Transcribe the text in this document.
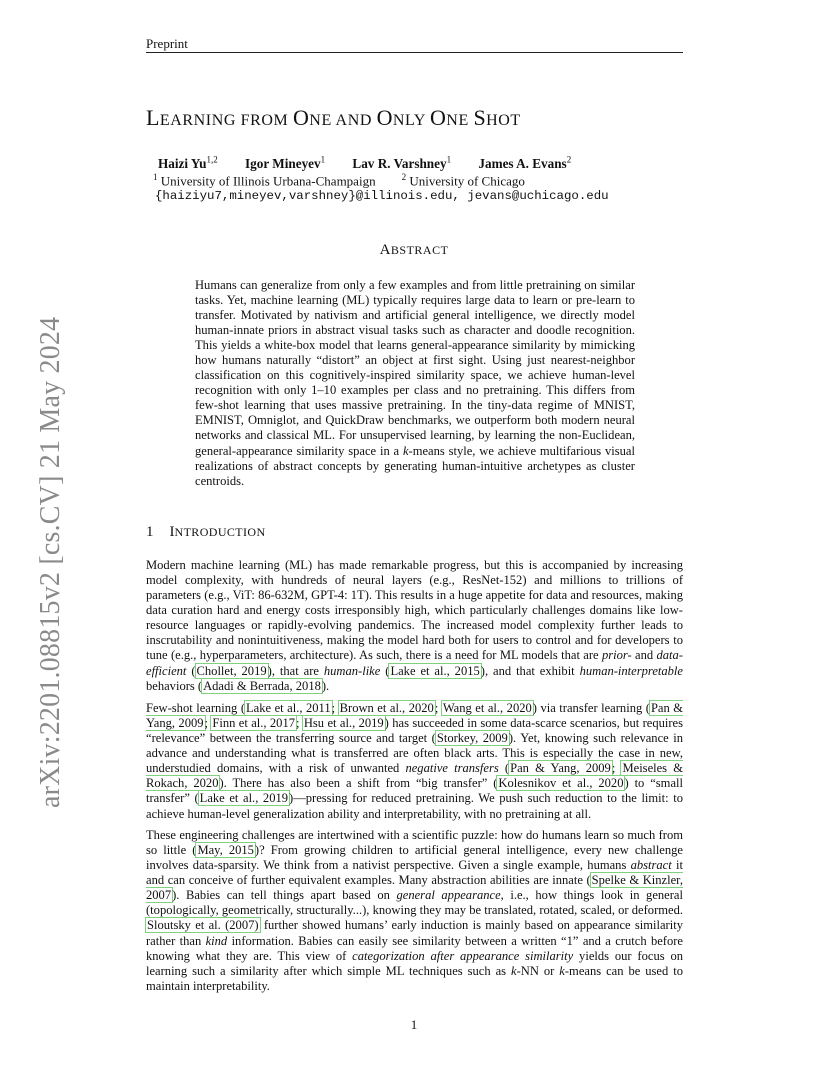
Preprint
arXiv:2201.08815v2 [cs.CV] 21 May 2024
LEARNING FROM ONE AND ONLY ONE SHOT
Haizi Yu$^{1,2}$ Igor Mineyev$^1$ Lav R. Varshney$^1$ James A. Evans$^2$
$^1$ University of Illinois Urbana-Champaign	$^2$ University of Chicago
{haiziyu7,mineyev,varshney}@illinois.edu, jevans@uchicago.edu
ABSTRACT
Humans can generalize from only a few examples and from little pretraining on similar tasks. Yet, machine learning (ML) typically requires large data to learn or pre-learn to transfer. Motivated by nativism and artificial general intelligence, we directly model human-innate priors in abstract visual tasks such as character and doodle recognition. This yields a white-box model that learns general-appearance similarity by mimicking how humans naturally “distort” an object at first sight. Using just nearest-neighbor classification on this cognitively-inspired similarity space, we achieve human-level recognition with only 1–10 examples per class and no pretraining. This differs from few-shot learning that uses massive pretraining. In the tiny-data regime of MNIST, EMNIST, Omniglot, and QuickDraw benchmarks, we outperform both modern neural networks and classical ML. For unsupervised learning, by learning the non-Euclidean, general-appearance similarity space in a k-means style, we achieve multifarious visual realizations of abstract concepts by generating human-intuitive archetypes as cluster centroids.
1 INTRODUCTION
Modern machine learning (ML) has made remarkable progress, but this is accompanied by increasing model complexity, with hundreds of neural layers (e.g., ResNet-152) and millions to trillions of parameters (e.g., ViT: 86-632M, GPT-4: 1T). This results in a huge appetite for data and resources, making data curation hard and energy costs irresponsibly high, which particularly challenges domains like low-resource languages or rapidly-evolving pandemics. The increased model complexity further leads to inscrutability and nonintuitiveness, making the model hard both for users to control and for developers to tune (e.g., hyperparameters, architecture). As such, there is a need for ML models that are prior- and data-efficient (Chollet, 2019), that are human-like (Lake et al., 2015), and that exhibit human-interpretable behaviors (Adadi & Berrada, 2018).
Few-shot learning (Lake et al., 2011; Brown et al., 2020; Wang et al., 2020) via transfer learning (Pan & Yang, 2009; Finn et al., 2017; Hsu et al., 2019) has succeeded in some data-scarce scenarios, but requires “relevance” between the transferring source and target (Storkey, 2009). Yet, knowing such relevance in advance and understanding what is transferred are often black arts. This is especially the case in new, understudied domains, with a risk of unwanted negative transfers (Pan & Yang, 2009; Meiseles & Rokach, 2020). There has also been a shift from “big transfer” (Kolesnikov et al., 2020) to “small transfer” (Lake et al., 2019)—pressing for reduced pretraining. We push such reduction to the limit: to achieve human-level generalization ability and interpretability, with no pretraining at all.
These engineering challenges are intertwined with a scientific puzzle: how do humans learn so much from so little (May, 2015)? From growing children to artificial general intelligence, every new challenge involves data-sparsity. We think from a nativist perspective. Given a single example, humans abstract it and can conceive of further equivalent examples. Many abstraction abilities are innate (Spelke & Kinzler, 2007). Babies can tell things apart based on general appearance, i.e., how things look in general (topologically, geometrically, structurally...), knowing they may be translated, rotated, scaled, or deformed. Sloutsky et al. (2007) further showed humans’ early induction is mainly based on appearance similarity rather than kind information. Babies can easily see similarity between a written “1” and a crutch before knowing what they are. This view of categorization after appearance similarity yields our focus on learning such a similarity after which simple ML techniques such as k-NN or k-means can be used to maintain interpretability.
1
